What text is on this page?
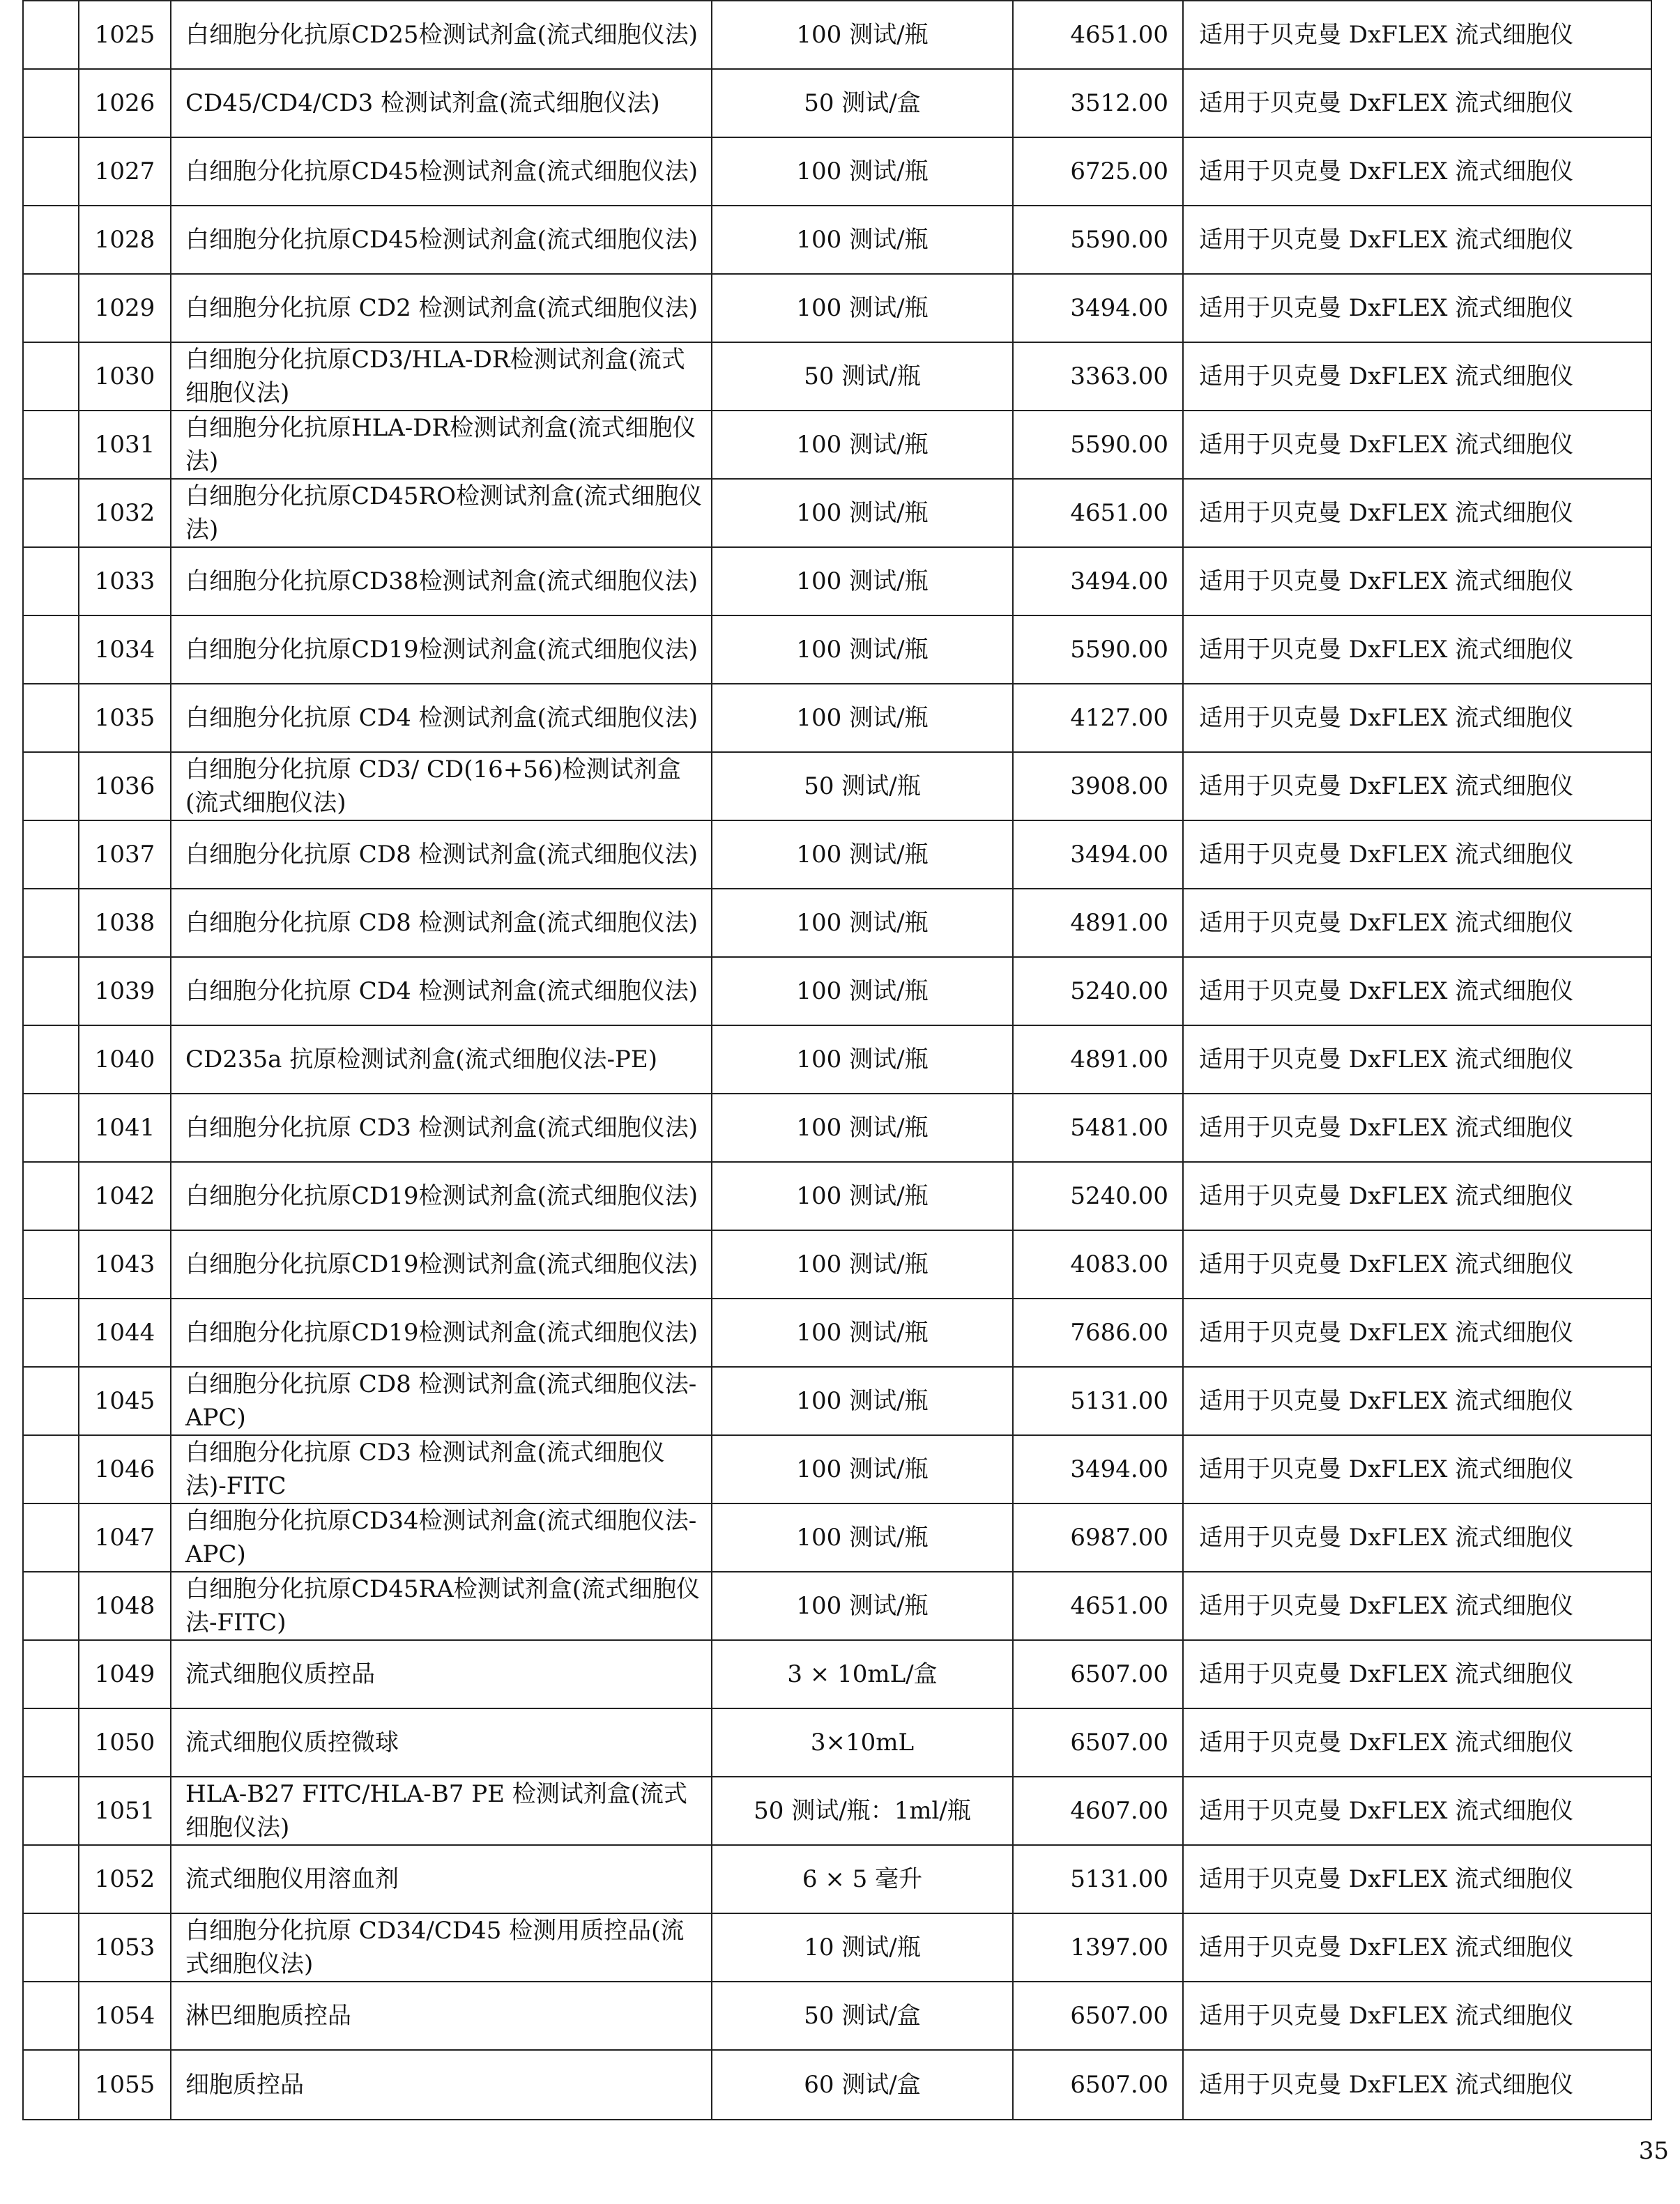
	1025	白细胞分化抗原CD25检测试剂盒(流式细胞仪法)	100 测试/瓶	4651.00	适用于贝克曼 DxFLEX 流式细胞仪
	1026	CD45/CD4/CD3 检测试剂盒(流式细胞仪法)	50 测试/盒	3512.00	适用于贝克曼 DxFLEX 流式细胞仪
	1027	白细胞分化抗原CD45检测试剂盒(流式细胞仪法)	100 测试/瓶	6725.00	适用于贝克曼 DxFLEX 流式细胞仪
	1028	白细胞分化抗原CD45检测试剂盒(流式细胞仪法)	100 测试/瓶	5590.00	适用于贝克曼 DxFLEX 流式细胞仪
	1029	白细胞分化抗原 CD2 检测试剂盒(流式细胞仪法)	100 测试/瓶	3494.00	适用于贝克曼 DxFLEX 流式细胞仪
	1030	白细胞分化抗原CD3/HLA-DR检测试剂盒(流式细胞仪法)	50 测试/瓶	3363.00	适用于贝克曼 DxFLEX 流式细胞仪
	1031	白细胞分化抗原HLA-DR检测试剂盒(流式细胞仪法)	100 测试/瓶	5590.00	适用于贝克曼 DxFLEX 流式细胞仪
	1032	白细胞分化抗原CD45RO检测试剂盒(流式细胞仪法)	100 测试/瓶	4651.00	适用于贝克曼 DxFLEX 流式细胞仪
	1033	白细胞分化抗原CD38检测试剂盒(流式细胞仪法)	100 测试/瓶	3494.00	适用于贝克曼 DxFLEX 流式细胞仪
	1034	白细胞分化抗原CD19检测试剂盒(流式细胞仪法)	100 测试/瓶	5590.00	适用于贝克曼 DxFLEX 流式细胞仪
	1035	白细胞分化抗原 CD4 检测试剂盒(流式细胞仪法)	100 测试/瓶	4127.00	适用于贝克曼 DxFLEX 流式细胞仪
	1036	白细胞分化抗原 CD3/ CD(16+56)检测试剂盒(流式细胞仪法)	50 测试/瓶	3908.00	适用于贝克曼 DxFLEX 流式细胞仪
	1037	白细胞分化抗原 CD8 检测试剂盒(流式细胞仪法)	100 测试/瓶	3494.00	适用于贝克曼 DxFLEX 流式细胞仪
	1038	白细胞分化抗原 CD8 检测试剂盒(流式细胞仪法)	100 测试/瓶	4891.00	适用于贝克曼 DxFLEX 流式细胞仪
	1039	白细胞分化抗原 CD4 检测试剂盒(流式细胞仪法)	100 测试/瓶	5240.00	适用于贝克曼 DxFLEX 流式细胞仪
	1040	CD235a 抗原检测试剂盒(流式细胞仪法-PE)	100 测试/瓶	4891.00	适用于贝克曼 DxFLEX 流式细胞仪
	1041	白细胞分化抗原 CD3 检测试剂盒(流式细胞仪法)	100 测试/瓶	5481.00	适用于贝克曼 DxFLEX 流式细胞仪
	1042	白细胞分化抗原CD19检测试剂盒(流式细胞仪法)	100 测试/瓶	5240.00	适用于贝克曼 DxFLEX 流式细胞仪
	1043	白细胞分化抗原CD19检测试剂盒(流式细胞仪法)	100 测试/瓶	4083.00	适用于贝克曼 DxFLEX 流式细胞仪
	1044	白细胞分化抗原CD19检测试剂盒(流式细胞仪法)	100 测试/瓶	7686.00	适用于贝克曼 DxFLEX 流式细胞仪
	1045	白细胞分化抗原 CD8 检测试剂盒(流式细胞仪法-APC)	100 测试/瓶	5131.00	适用于贝克曼 DxFLEX 流式细胞仪
	1046	白细胞分化抗原 CD3 检测试剂盒(流式细胞仪法)-FITC	100 测试/瓶	3494.00	适用于贝克曼 DxFLEX 流式细胞仪
	1047	白细胞分化抗原CD34检测试剂盒(流式细胞仪法-APC)	100 测试/瓶	6987.00	适用于贝克曼 DxFLEX 流式细胞仪
	1048	白细胞分化抗原CD45RA检测试剂盒(流式细胞仪法-FITC)	100 测试/瓶	4651.00	适用于贝克曼 DxFLEX 流式细胞仪
	1049	流式细胞仪质控品	3 × 10mL/盒	6507.00	适用于贝克曼 DxFLEX 流式细胞仪
	1050	流式细胞仪质控微球	3×10mL	6507.00	适用于贝克曼 DxFLEX 流式细胞仪
	1051	HLA-B27 FITC/HLA-B7 PE 检测试剂盒(流式细胞仪法)	50 测试/瓶：1ml/瓶	4607.00	适用于贝克曼 DxFLEX 流式细胞仪
	1052	流式细胞仪用溶血剂	6 × 5 毫升	5131.00	适用于贝克曼 DxFLEX 流式细胞仪
	1053	白细胞分化抗原 CD34/CD45 检测用质控品(流式细胞仪法)	10 测试/瓶	1397.00	适用于贝克曼 DxFLEX 流式细胞仪
	1054	淋巴细胞质控品	50 测试/盒	6507.00	适用于贝克曼 DxFLEX 流式细胞仪
	1055	细胞质控品	60 测试/盒	6507.00	适用于贝克曼 DxFLEX 流式细胞仪
35
